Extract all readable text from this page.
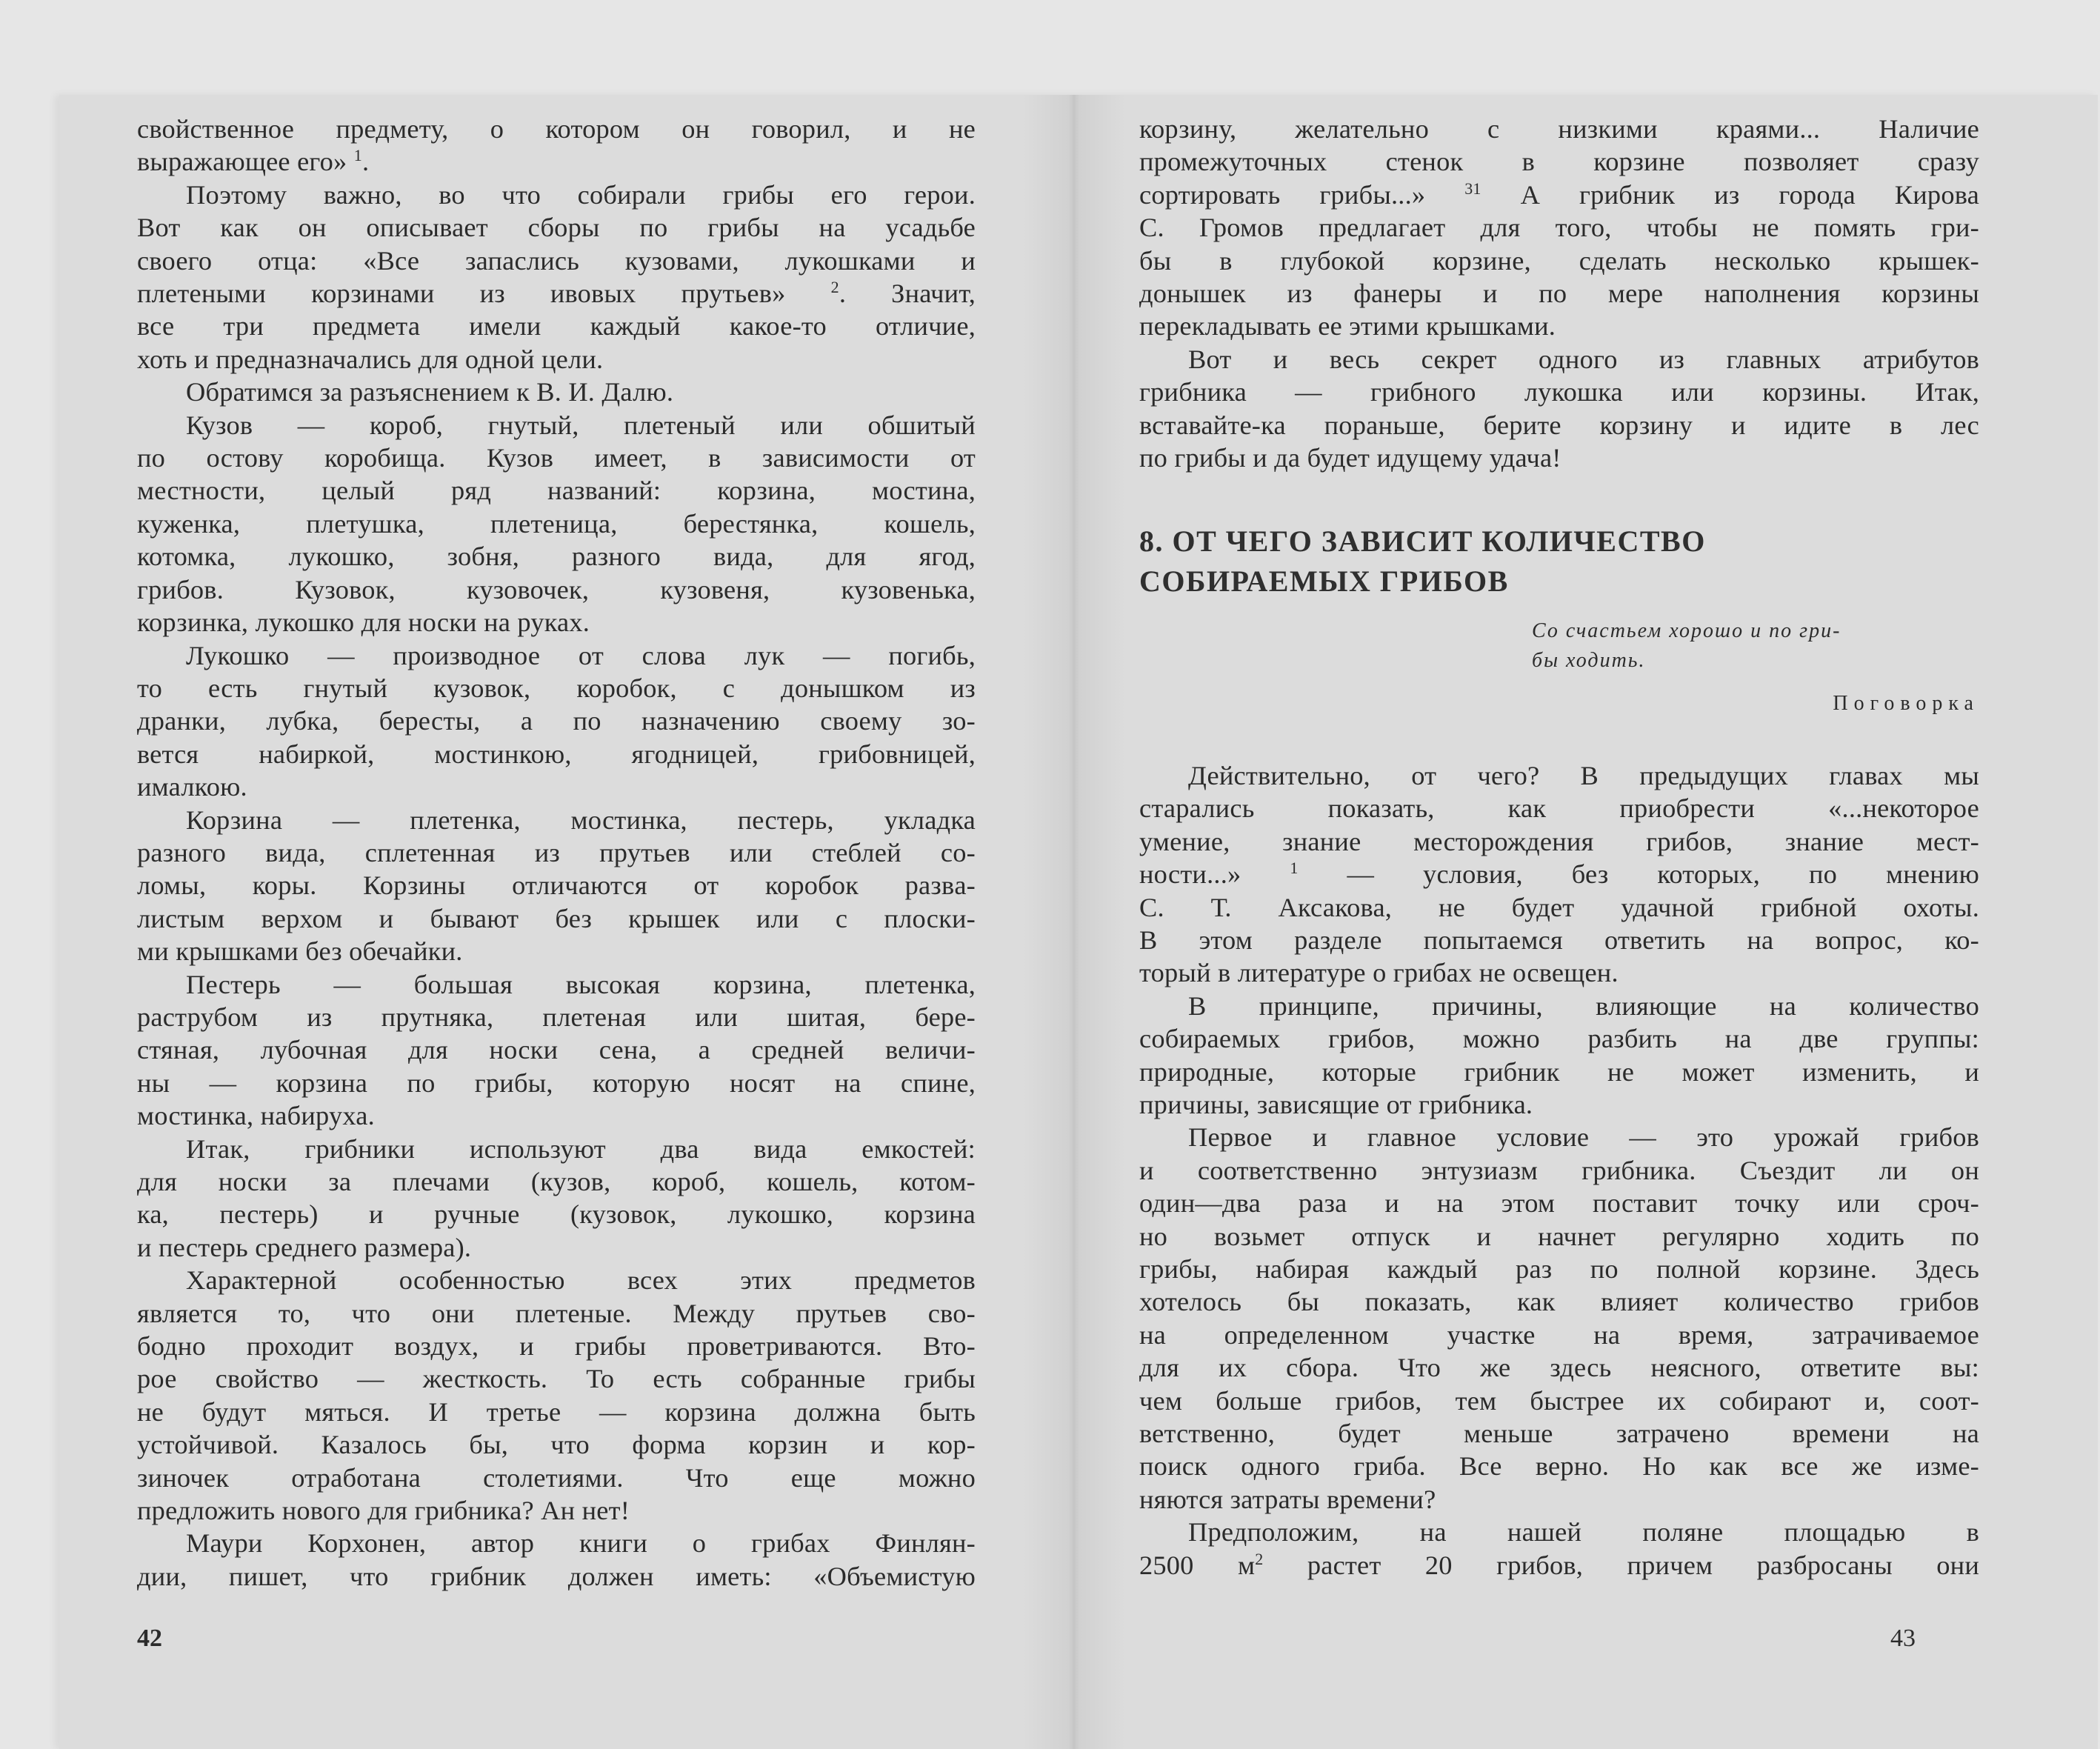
свойственное предмету, о котором он говорил, и не
выражающее его» $^1$.

Поэтому важно, во что собирали грибы его герои.
Вот как он описывает сборы по грибы на усадьбе
своего отца: «Все запаслись кузовами, лукошками и
плетеными корзинами из ивовых прутьев»	$^2$. Значит,
все три предмета имели каждый какое-то отличие,
хоть и предназначались для одной цели.

Обратимся за разъяснением к В. И. Далю.

Кузов — короб, гнутый, плетеный или обшитый
по остову коробища. Кузов имеет, в зависимости от
местности, целый ряд названий: корзина, мостина,
куженка, плетушка, плетеница, берестянка, кошель,
котомка, лукошко, зобня, разного вида, для ягод,
грибов. Кузовок, кузовочек, кузовеня, кузовенька,
корзинка, лукошко для носки на руках.

Лукошко — производное от слова лук — погибь,
то есть гнутый кузовок, коробок, с донышком из
дранки, лубка, бересты, а по назначению своему зо-
вется набиркой, мостинкою, ягодницей, грибовницей,
ималкою.

Корзина — плетенка, мостинка, пестерь, укладка
разного вида, сплетенная из прутьев или стеблей со-
ломы, коры. Корзины отличаются от коробок развa-
листым верхом и бывают без крышек или с плоски-
ми крышками без обечайки.

Пестерь — большая высокая корзина, плетенка,
раструбом из прутняка, плетеная или шитая, бере-
стяная, лубочная для носки сена, а средней величи-
ны — корзина по грибы, которую носят на спине,
мостинка, набируха.

Итак, грибники используют два вида емкостей:
для носки за плечами (кузов, короб, кошель, котом-
ка, пестерь) и ручные (кузовок, лукошко, корзина
и пестерь среднего размера).

Характерной особенностью всех этих предметов
является то, что они плетеные. Между прутьев сво-
бодно проходит воздух, и грибы проветриваются. Вто-
рое свойство — жесткость. То есть собранные грибы
не будут мяться. И третье — корзина должна быть
устойчивой. Казалось бы, что форма корзин и кор-
зиночек отработана столетиями. Что еще можно
предложить нового для грибника? Ан нет!

Маури Корхонен, автор книги о грибах Финлян-
дии, пишет, что грибник должен иметь: «Объемистую

42

корзину, желательно с низкими краями... Наличие
промежуточных стенок в корзине позволяет сразу
сортировать грибы...» $^{31}$ А грибник из города Кирова
С. Громов предлагает для того, чтобы не помять гри-
бы в глубокой корзине, сделать несколько крышек-
донышек из фанеры и по мере наполнения корзины
перекладывать ее этими крышками.

Вот и весь секрет одного из главных атрибутов
грибника — грибного лукошка или корзины. Итак,
вставайте-ка пораньше, берите корзину и идите в лес
по грибы и да будет идущему удача!

8. ОТ ЧЕГО ЗАВИСИТ КОЛИЧЕСТВО
СОБИРАЕМЫХ ГРИБОВ
Со счастьем хорошо и по гри-
бы ходить.
Поговорка

Действительно, от чего? В предыдущих главах мы
старались показать, как приобрести «...некоторое
умение, знание месторождения грибов, знание мест-
ности...»	$^1$ — условия, без которых, по мнению
С. Т. Аксакова, не будет удачной грибной охоты.
В этом разделе попытаемся ответить на вопрос, ко-
торый в литературе о грибах не освещен.

В принципе, причины, влияющие на количество
собираемых грибов, можно разбить на две группы:
природные, которые грибник не может изменить, и
причины, зависящие от грибника.

Первое и главное условие — это урожай грибов
и соответственно энтузиазм грибника. Съездит ли он
один—два раза и на этом поставит точку или сроч-
но возьмет отпуск и начнет регулярно ходить по
грибы, набирая каждый раз по полной корзине. Здесь
хотелось бы показать, как влияет количество грибов
на определенном участке на время, затрачиваемое
для их сбора. Что же здесь неясного, ответите вы:
чем больше грибов, тем быстрее их собирают и, соот-
ветственно, будет меньше затрачено времени на
поиск одного гриба. Все верно. Но как все же изме-
няются затраты времени?

Предположим, на нашей поляне площадью в
2500 $м^2$ растет 20 грибов, причем разбросаны они

43
